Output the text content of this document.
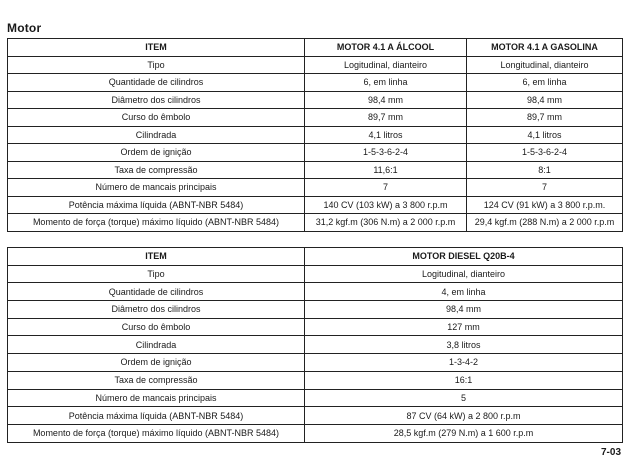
Motor
ITEM	MOTOR 4.1 A ÁLCOOL	MOTOR 4.1 A GASOLINA
Tipo	Logitudinal, dianteiro	Longitudinal, dianteiro
Quantidade de cilindros	6, em linha	6, em linha
Diâmetro dos cilindros	98,4 mm	98,4 mm
Curso do êmbolo	89,7 mm	89,7 mm
Cilindrada	4,1 litros	4,1 litros
Ordem de ignição	1-5-3-6-2-4	1-5-3-6-2-4
Taxa de compressão	11,6:1	8:1
Número de mancais principais	7	7
Potência máxima líquida (ABNT-NBR 5484)	140 CV (103 kW) a 3 800 r.p.m	124 CV (91 kW) a 3 800 r.p.m.
Momento de força (torque) máximo líquido (ABNT-NBR 5484)	31,2 kgf.m (306 N.m) a 2 000 r.p.m	29,4 kgf.m (288 N.m) a 2 000 r.p.m
ITEM	MOTOR DIESEL Q20B-4
Tipo	Logitudinal, dianteiro
Quantidade de cilindros	4, em linha
Diâmetro dos cilindros	98,4 mm
Curso do êmbolo	127 mm
Cilindrada	3,8 litros
Ordem de ignição	1-3-4-2
Taxa de compressão	16:1
Número de mancais principais	5
Potência máxima líquida (ABNT-NBR 5484)	87 CV (64 kW) a 2 800 r.p.m
Momento de força (torque) máximo líquido (ABNT-NBR 5484)	28,5 kgf.m (279 N.m) a 1 600 r.p.m
7-03
